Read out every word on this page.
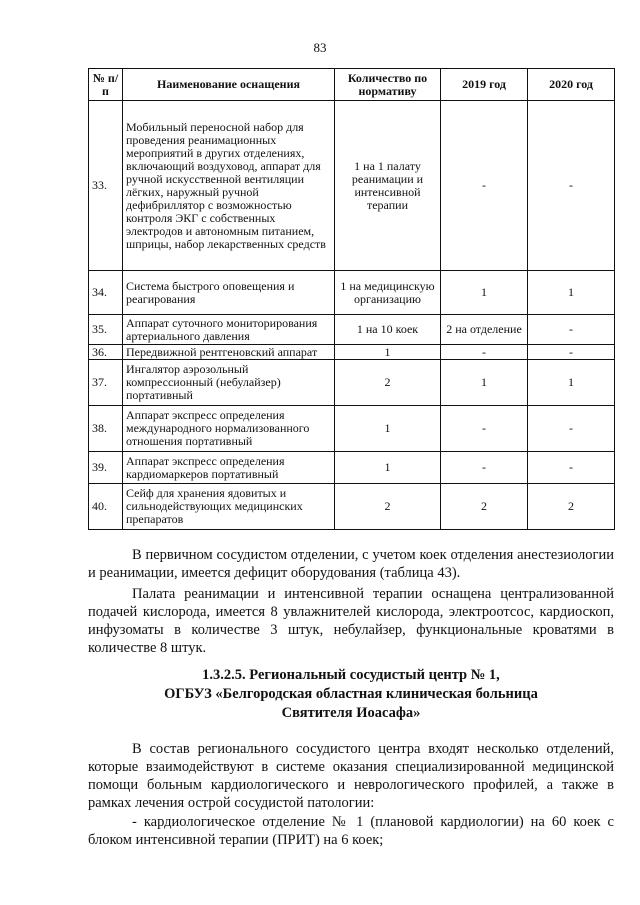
83
№ п/п	Наименование оснащения	Количество по нормативу	2019 год	2020 год
33.	Мобильный переносной набор для проведения реанимационных мероприятий в других отделениях, включающий воздуховод, аппарат для ручной искусственной вентиляции лёгких, наружный ручной дефибриллятор с возможностью контроля ЭКГ с собственных электродов и автономным питанием, шприцы, набор лекарственных средств	1 на 1 палату реанимации и интенсивной терапии	-	-
34.	Система быстрого оповещения и реагирования	1 на медицинскую организацию	1	1
35.	Аппарат суточного мониторирования артериального давления	1 на 10 коек	2 на отделение	-
36.	Передвижной рентгеновский аппарат	1	-	-
37.	Ингалятор аэрозольный компрессионный (небулайзер) портативный	2	1	1
38.	Аппарат экспресс определения международного нормализованного отношения портативный	1	-	-
39.	Аппарат экспресс определения кардиомаркеров портативный	1	-	-
40.	Сейф для хранения ядовитых и сильнодействующих медицинских препаратов	2	2	2
В первичном сосудистом отделении, с учетом коек отделения анестезиологии и реанимации, имеется дефицит оборудования (таблица 43).
Палата реанимации и интенсивной терапии оснащена централизованной подачей кислорода, имеется 8 увлажнителей кислорода, электроотсос, кардиоскоп, инфузоматы в количестве 3 штук, небулайзер, функциональные кроватями в количестве 8 штук.
1.3.2.5. Региональный сосудистый центр № 1,
ОГБУЗ «Белгородская областная клиническая больница
Святителя Иоасафа»
В состав регионального сосудистого центра входят несколько отделений, которые взаимодействуют в системе оказания специализированной медицинской помощи больным кардиологического и неврологического профилей, а также в рамках лечения острой сосудистой патологии:
- кардиологическое отделение № 1 (плановой кардиологии) на 60 коек с блоком интенсивной терапии (ПРИТ) на 6 коек;
